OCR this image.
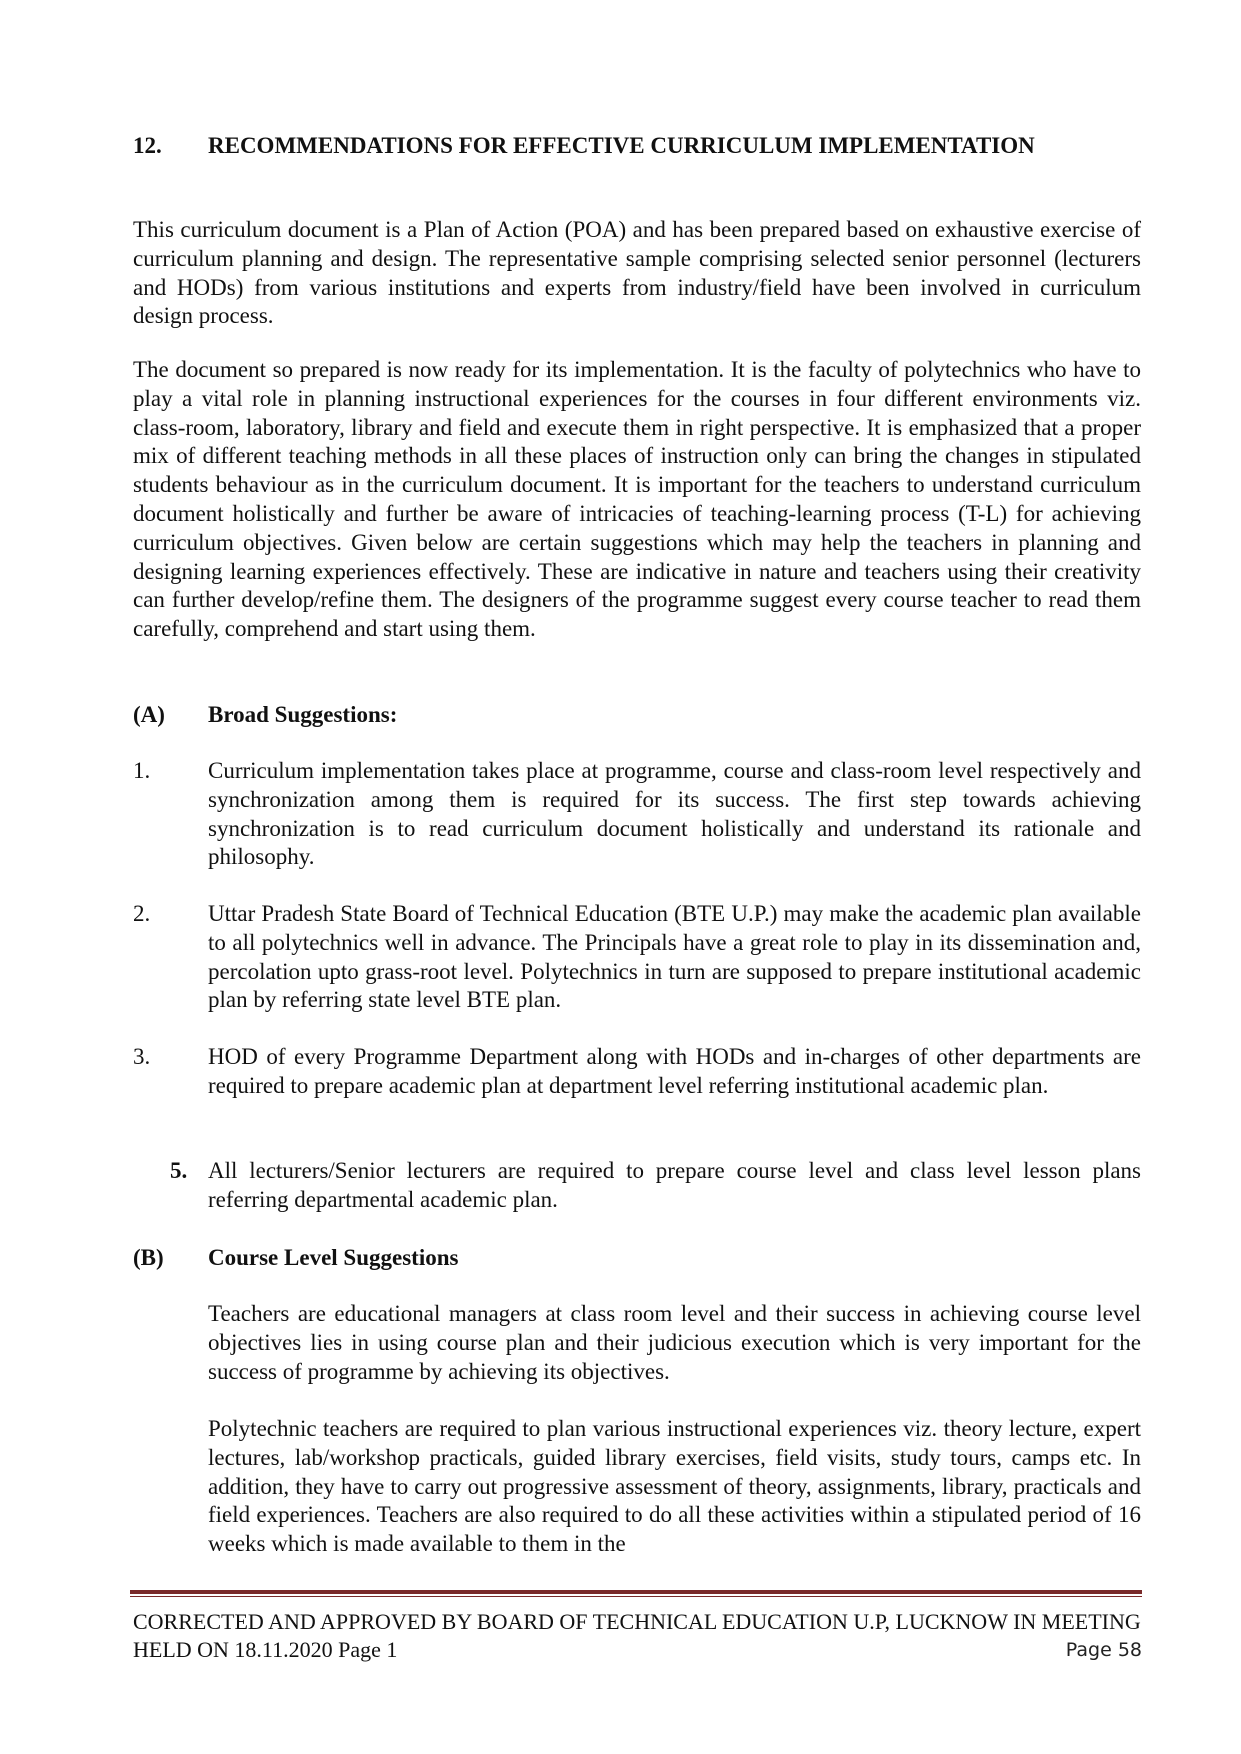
12. RECOMMENDATIONS FOR EFFECTIVE CURRICULUM IMPLEMENTATION

This curriculum document is a Plan of Action (POA) and has been prepared based on exhaustive exercise of curriculum planning and design. The representative sample comprising selected senior personnel (lecturers and HODs) from various institutions and experts from industry/field have been involved in curriculum design process.

The document so prepared is now ready for its implementation. It is the faculty of polytechnics who have to play a vital role in planning instructional experiences for the courses in four different environments viz. class-room, laboratory, library and field and execute them in right perspective. It is emphasized that a proper mix of different teaching methods in all these places of instruction only can bring the changes in stipulated students behaviour as in the curriculum document. It is important for the teachers to understand curriculum document holistically and further be aware of intricacies of teaching-learning process (T-L) for achieving curriculum objectives. Given below are certain suggestions which may help the teachers in planning and designing learning experiences effectively. These are indicative in nature and teachers using their creativity can further develop/refine them. The designers of the programme suggest every course teacher to read them carefully, comprehend and start using them.

(A) Broad Suggestions:
1.	Curriculum implementation takes place at programme, course and class-room level respectively and synchronization among them is required for its success. The first step towards achieving synchronization is to read curriculum document holistically and understand its rationale and philosophy.

2.	Uttar Pradesh State Board of Technical Education (BTE U.P.) may make the academic plan available to all polytechnics well in advance. The Principals have a great role to play in its dissemination and, percolation upto grass-root level. Polytechnics in turn are supposed to prepare institutional academic plan by referring state level BTE plan.

3.	HOD of every Programme Department along with HODs and in-charges of other departments are required to prepare academic plan at department level referring institutional academic plan.

5. All lecturers/Senior lecturers are required to prepare course level and class level lesson plans referring departmental academic plan.

(B) Course Level Suggestions

Teachers are educational managers at class room level and their success in achieving course level objectives lies in using course plan and their judicious execution which is very important for the success of programme by achieving its objectives.

Polytechnic teachers are required to plan various instructional experiences viz. theory lecture, expert lectures, lab/workshop practicals, guided library exercises, field visits, study tours, camps etc. In addition, they have to carry out progressive assessment of theory, assignments, library, practicals and field experiences. Teachers are also required to do all these activities within a stipulated period of 16 weeks which is made available to them in the

CORRECTED AND APPROVED BY BOARD OF TECHNICAL EDUCATION U.P, LUCKNOW IN MEETING HELD ON 18.11.2020 Page 1	Page 58
